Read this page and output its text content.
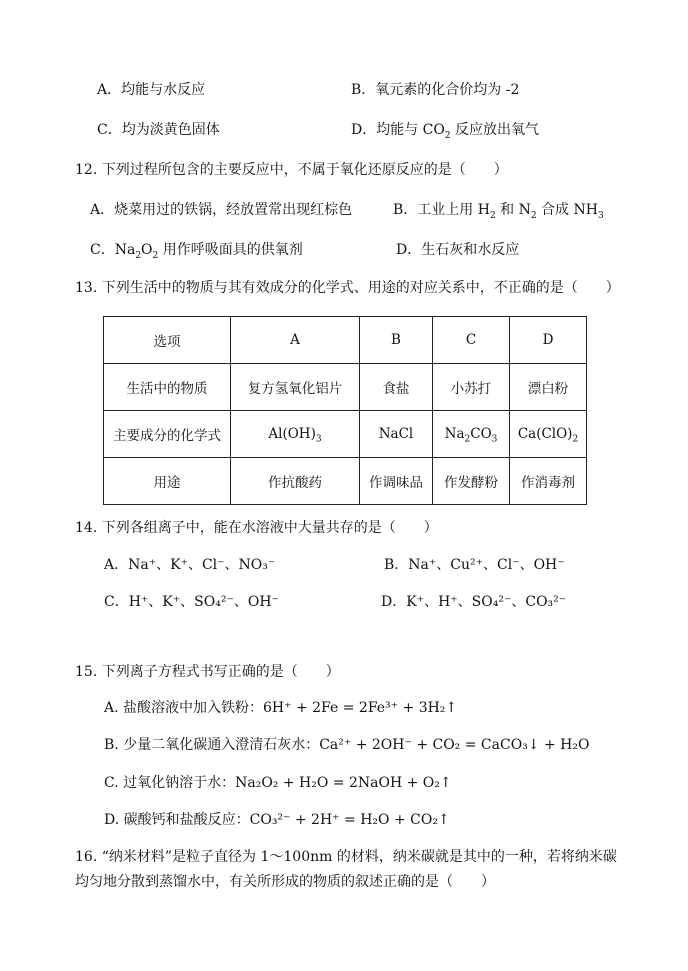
A．均能与水反应	B．氧元素的化合价均为 -2
C．均为淡黄色固体	D．均能与 $CO_2$ 反应放出氧气
12. 下列过程所包含的主要反应中，不属于氧化还原反应的是（　　）
A．烧菜用过的铁锅，经放置常出现红棕色	B．工业上用 $H_2$ 和 $N_2$ 合成 $NH_3$
C．$Na_2O_2$ 用作呼吸面具的供氧剂	D．生石灰和水反应
13. 下列生活中的物质与其有效成分的化学式、用途的对应关系中，不正确的是（　　）
选项	A	B	C	D
生活中的物质	复方氢氧化铝片	食盐	小苏打	漂白粉
主要成分的化学式	$Al(OH)_3$	NaCl	$Na_2CO_3$	$Ca(ClO)_2$
用途	作抗酸药	作调味品	作发酵粉	作消毒剂
14. 下列各组离子中，能在水溶液中大量共存的是（　　）
A．Na⁺、K⁺、Cl⁻、NO₃⁻	B．Na⁺、Cu²⁺、Cl⁻、OH⁻
C．H⁺、K⁺、SO₄²⁻、OH⁻	D．K⁺、H⁺、SO₄²⁻、CO₃²⁻
15. 下列离子方程式书写正确的是（　　）
A. 盐酸溶液中加入铁粉：6H⁺ + 2Fe = 2Fe³⁺ + 3H₂↑
B. 少量二氧化碳通入澄清石灰水：Ca²⁺ + 2OH⁻ + CO₂ = CaCO₃↓ + H₂O
C. 过氧化钠溶于水：Na₂O₂ + H₂O = 2NaOH + O₂↑
D. 碳酸钙和盐酸反应：CO₃²⁻ + 2H⁺ = H₂O + CO₂↑
16. “纳米材料”是粒子直径为 1～100nm 的材料，纳米碳就是其中的一种，若将纳米碳
均匀地分散到蒸馏水中，有关所形成的物质的叙述正确的是（　　）
